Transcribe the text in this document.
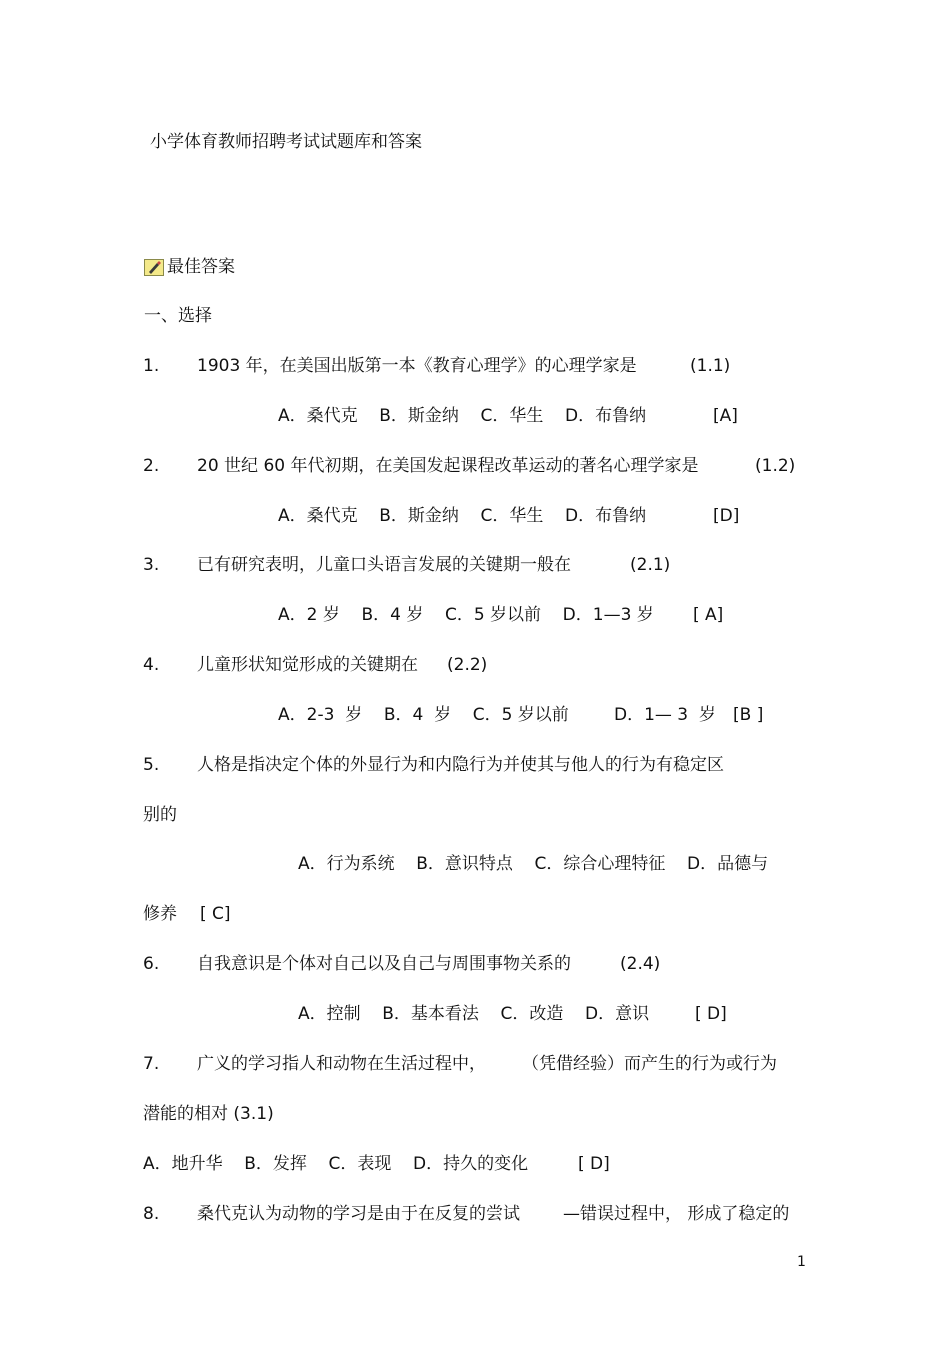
小学体育教师招聘考试试题库和答案
最佳答案
一、选择
1. 1903 年，在美国出版第一本《教育心理学》的心理学家是	(1.1)
A．桑代克    B．斯金纳    C．华生    D．布鲁纳	[A]
2. 20 世纪 60 年代初期，在美国发起课程改革运动的著名心理学家是	(1.2)
A．桑代克    B．斯金纳    C．华生    D．布鲁纳	[D]
3. 已有研究表明，儿童口头语言发展的关键期一般在	(2.1)
A．2 岁    B．4 岁    C．5 岁以前    D．1—3 岁 [ A]
4. 儿童形状知觉形成的关键期在 (2.2)
A．2-3  岁    B．4  岁    C．5 岁以前	D．1— 3  岁 [B ]
5. 人格是指决定个体的外显行为和内隐行为并使其与他人的行为有稳定区
别的
A．行为系统    B．意识特点    C．综合心理特征    D．品德与
修养 [ C]
6. 自我意识是个体对自己以及自己与周围事物关系的	(2.4)
A．控制    B．基本看法    C．改造    D．意识	[ D]
7. 广义的学习指人和动物在生活过程中， （凭借经验）而产生的行为或行为
潜能的相对 (3.1)
A．地升华    B．发挥    C．表现    D．持久的变化	[ D]
8. 桑代克认为动物的学习是由于在反复的尝试	—错误过程中， 形成了稳定的
1
